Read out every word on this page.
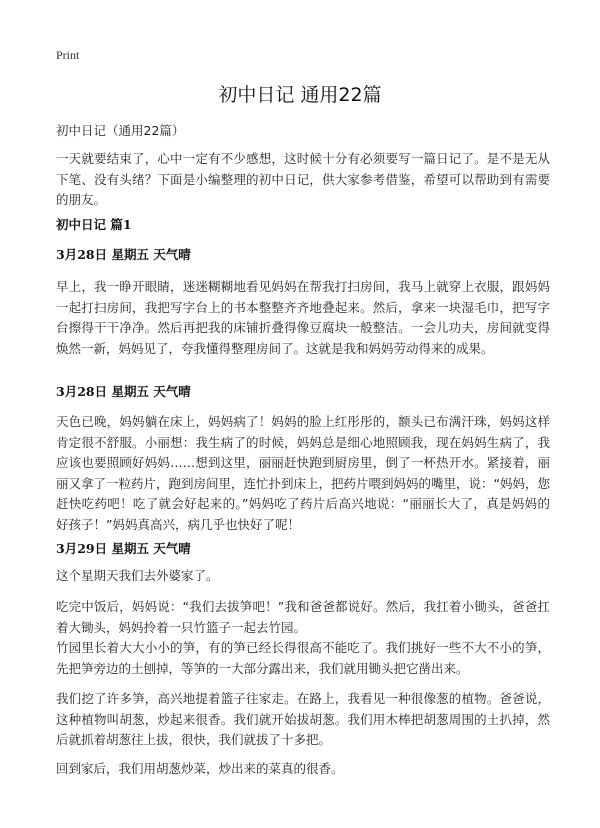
Print
初中日记 通用22篇
初中日记（通用22篇）
一天就要结束了，心中一定有不少感想，这时候十分有必须要写一篇日记了。是不是无从下笔、没有头绪？下面是小编整理的初中日记，供大家参考借鉴，希望可以帮助到有需要的朋友。
初中日记 篇1
3月28日 星期五 天气晴
早上，我一睁开眼睛，迷迷糊糊地看见妈妈在帮我打扫房间，我马上就穿上衣服，跟妈妈一起打扫房间，我把写字台上的书本整整齐齐地叠起来。然后，拿来一块湿毛巾，把写字台擦得干干净净。然后再把我的床铺折叠得像豆腐块一般整洁。一会儿功夫，房间就变得焕然一新，妈妈见了，夸我懂得整理房间了。这就是我和妈妈劳动得来的成果。
3月28日 星期五 天气晴
天色已晚，妈妈躺在床上，妈妈病了！妈妈的脸上红彤彤的，额头已布满汗珠，妈妈这样肯定很不舒服。小丽想：我生病了的时候，妈妈总是细心地照顾我，现在妈妈生病了，我应该也要照顾好妈妈……想到这里，丽丽赶快跑到厨房里，倒了一杯热开水。紧接着，丽丽又拿了一粒药片，跑到房间里，连忙扑到床上，把药片喂到妈妈的嘴里，说：“妈妈，您赶快吃药吧！吃了就会好起来的。”妈妈吃了药片后高兴地说：“丽丽长大了，真是妈妈的好孩子！”妈妈真高兴，病几乎也快好了呢！
3月29日 星期五 天气晴
这个星期天我们去外婆家了。
吃完中饭后，妈妈说：“我们去拔笋吧！”我和爸爸都说好。然后，我扛着小锄头，爸爸扛着大锄头，妈妈拎着一只竹篮子一起去竹园。
竹园里长着大大小小的笋，有的笋已经长得很高不能吃了。我们挑好一些不大不小的笋，先把笋旁边的土刨掉，等笋的一大部分露出来，我们就用锄头把它凿出来。
我们挖了许多笋，高兴地提着篮子往家走。在路上，我看见一种很像葱的植物。爸爸说，这种植物叫胡葱，炒起来很香。我们就开始拔胡葱。我们用木棒把胡葱周围的土扒掉，然后就抓着胡葱往上拔，很快，我们就拔了十多把。
回到家后，我们用胡葱炒菜，炒出来的菜真的很香。
